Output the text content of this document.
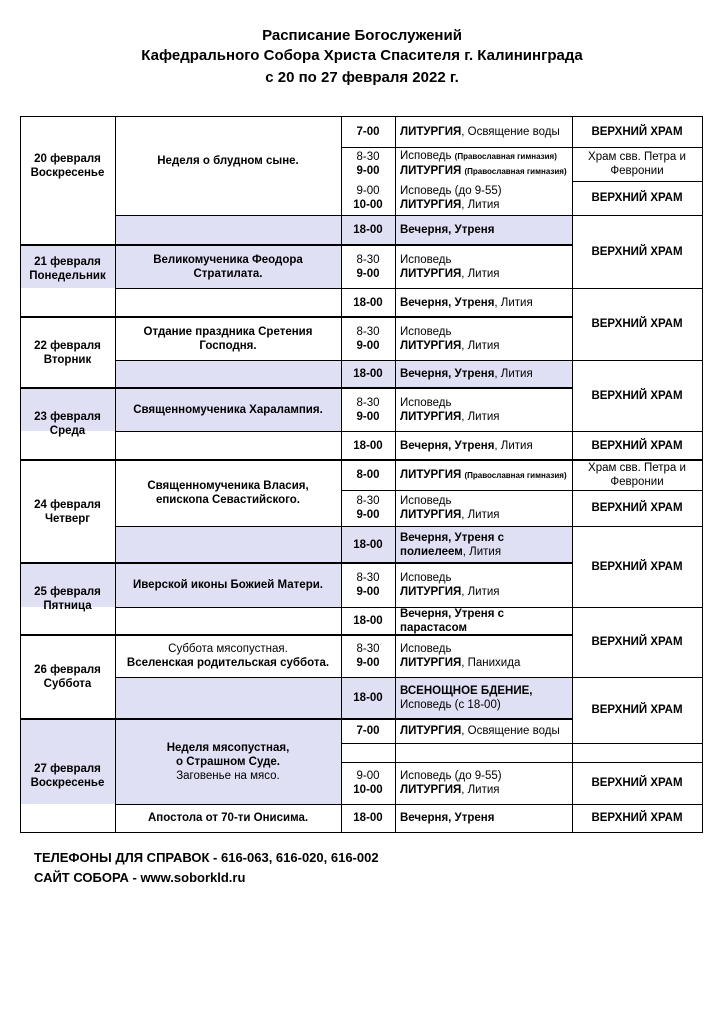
Расписание Богослужений
Кафедрального Собора Христа Спасителя г. Калининграда
с 20 по 27 февраля 2022 г.
20 февраля
Воскресенье
21 февраля
Понедельник
22 февраля
Вторник
23 февраля
Среда
24 февраля
Четверг
25 февраля
Пятница
26 февраля
Суббота
27 февраля
Воскресенье
Неделя о блудном сыне.
Великомученика Феодора
Стратилата.
Отдание праздника Сретения
Господня.
Священномученика Харалампия.
Священномученика Власия,
епископа Севастийского.
Иверской иконы Божией Матери.
Суббота мясопустная.
Вселенская родительская суббота.
Неделя мясопустная,
о Страшном Суде.
Заговенье на мясо.
Апостола от 70-ти Онисима.
7-00 ЛИТУРГИЯ, Освящение воды
8-30
9-00
Исповедь (Православная гимназия)
ЛИТУРГИЯ (Православная гимназия)
9-00
10-00
Исповедь (до 9-55)
ЛИТУРГИЯ, Лития
18-00 Вечерня, Утреня
8-30
9-00
Исповедь
ЛИТУРГИЯ, Лития
18-00 Вечерня, Утреня, Лития
8-30
9-00
Исповедь
ЛИТУРГИЯ, Лития
18-00 Вечерня, Утреня, Лития
8-30
9-00
Исповедь
ЛИТУРГИЯ, Лития
18-00 Вечерня, Утреня, Лития
8-00 ЛИТУРГИЯ (Православная гимназия)
8-30
9-00
Исповедь
ЛИТУРГИЯ, Лития
18-00
Вечерня, Утреня с
полиелеем, Лития
8-30
9-00
Исповедь
ЛИТУРГИЯ, Лития
18-00
Вечерня, Утреня с
парастасом
8-30
9-00
Исповедь
ЛИТУРГИЯ, Панихида
18-00
ВСЕНОЩНОЕ БДЕНИЕ,
Исповедь (с 18-00)
7-00 ЛИТУРГИЯ, Освящение воды
9-00
10-00
Исповедь (до 9-55)
ЛИТУРГИЯ, Лития
18-00 Вечерня, Утреня
ВЕРХНИЙ ХРАМ
Храм свв. Петра и
Февронии
ВЕРХНИЙ ХРАМ
ВЕРХНИЙ ХРАМ
ВЕРХНИЙ ХРАМ
ВЕРХНИЙ ХРАМ
ВЕРХНИЙ ХРАМ
Храм свв. Петра и
Февронии
ВЕРХНИЙ ХРАМ
ВЕРХНИЙ ХРАМ
ВЕРХНИЙ ХРАМ
ВЕРХНИЙ ХРАМ
ВЕРХНИЙ ХРАМ
ВЕРХНИЙ ХРАМ
ТЕЛЕФОНЫ ДЛЯ СПРАВОК - 616-063, 616-020, 616-002
САЙТ СОБОРА - www.soborkld.ru
